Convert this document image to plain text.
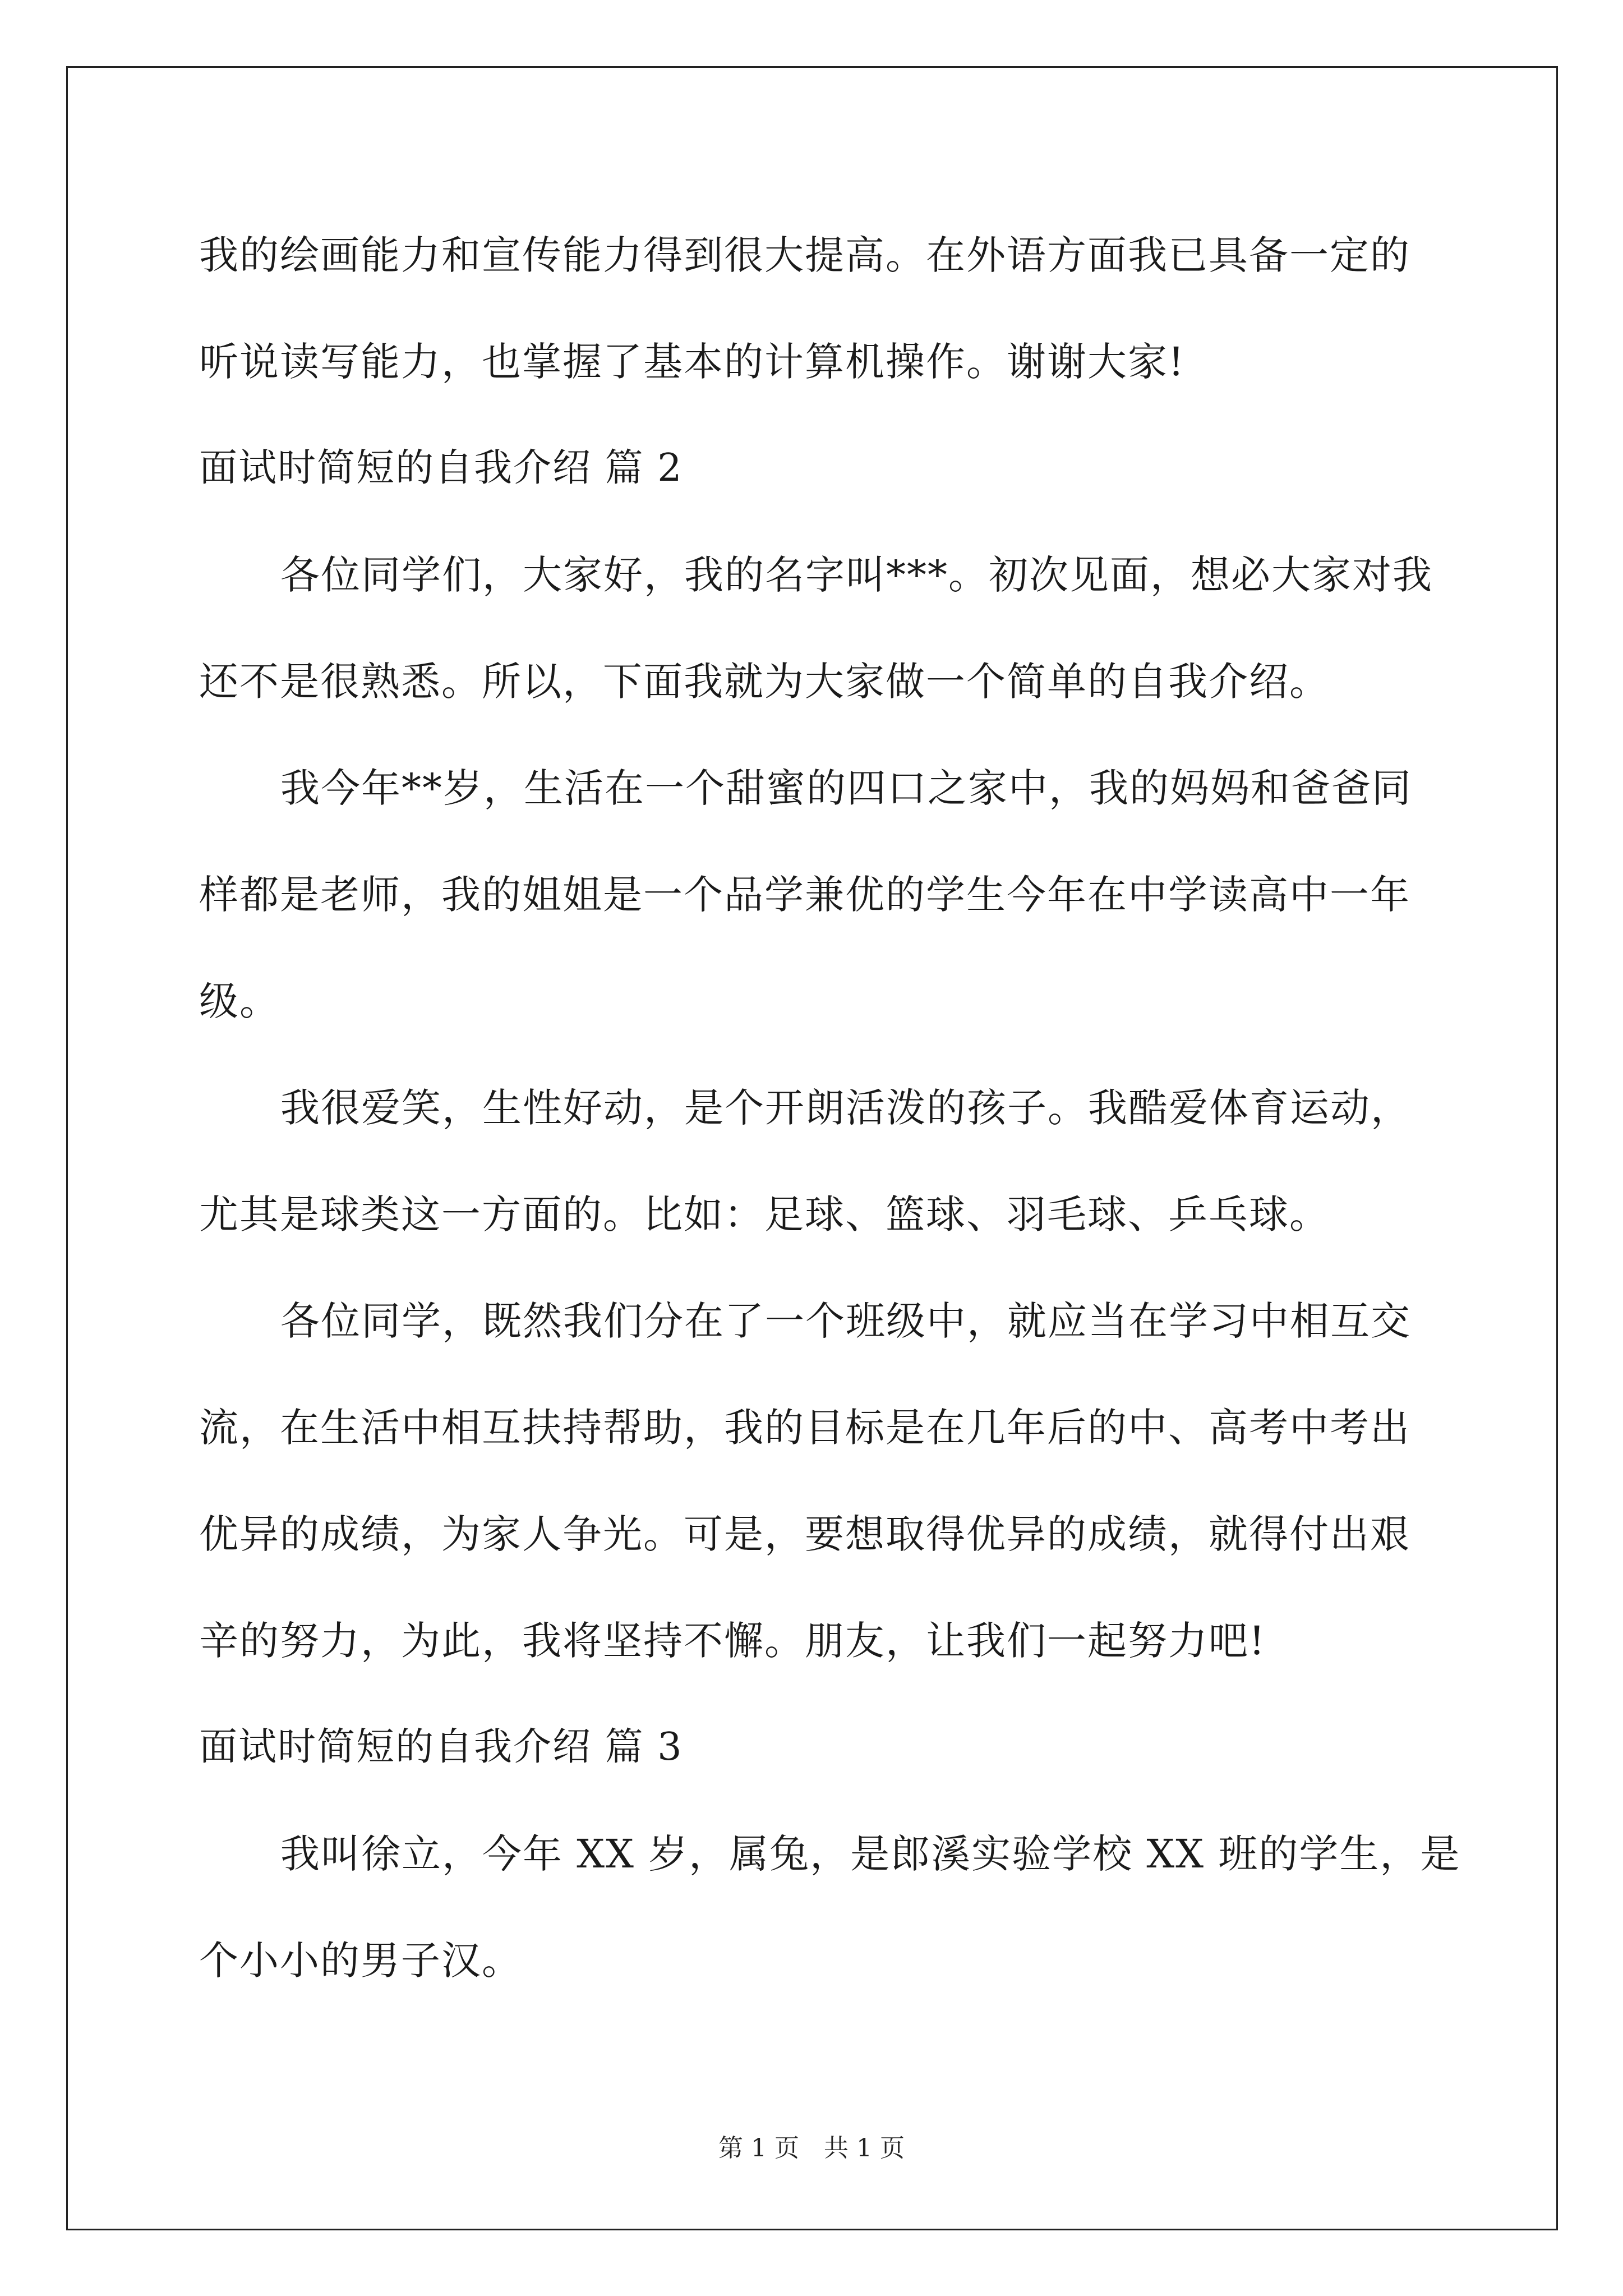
我的绘画能力和宣传能力得到很大提高。在外语方面我已具备一定的
听说读写能力，也掌握了基本的计算机操作。谢谢大家!
面试时简短的自我介绍 篇 2
各位同学们，大家好，我的名字叫***。初次见面，想必大家对我
还不是很熟悉。所以，下面我就为大家做一个简单的自我介绍。
我今年**岁，生活在一个甜蜜的四口之家中，我的妈妈和爸爸同
样都是老师，我的姐姐是一个品学兼优的学生今年在中学读高中一年
级。
我很爱笑，生性好动，是个开朗活泼的孩子。我酷爱体育运动，
尤其是球类这一方面的。比如：足球、篮球、羽毛球、乒乓球。
各位同学，既然我们分在了一个班级中，就应当在学习中相互交
流，在生活中相互扶持帮助，我的目标是在几年后的中、高考中考出
优异的成绩，为家人争光。可是，要想取得优异的成绩，就得付出艰
辛的努力，为此，我将坚持不懈。朋友，让我们一起努力吧!
面试时简短的自我介绍 篇 3
我叫徐立，今年 XX 岁，属兔，是郎溪实验学校 XX 班的学生，是
个小小的男子汉。
第 1 页　共 1 页
